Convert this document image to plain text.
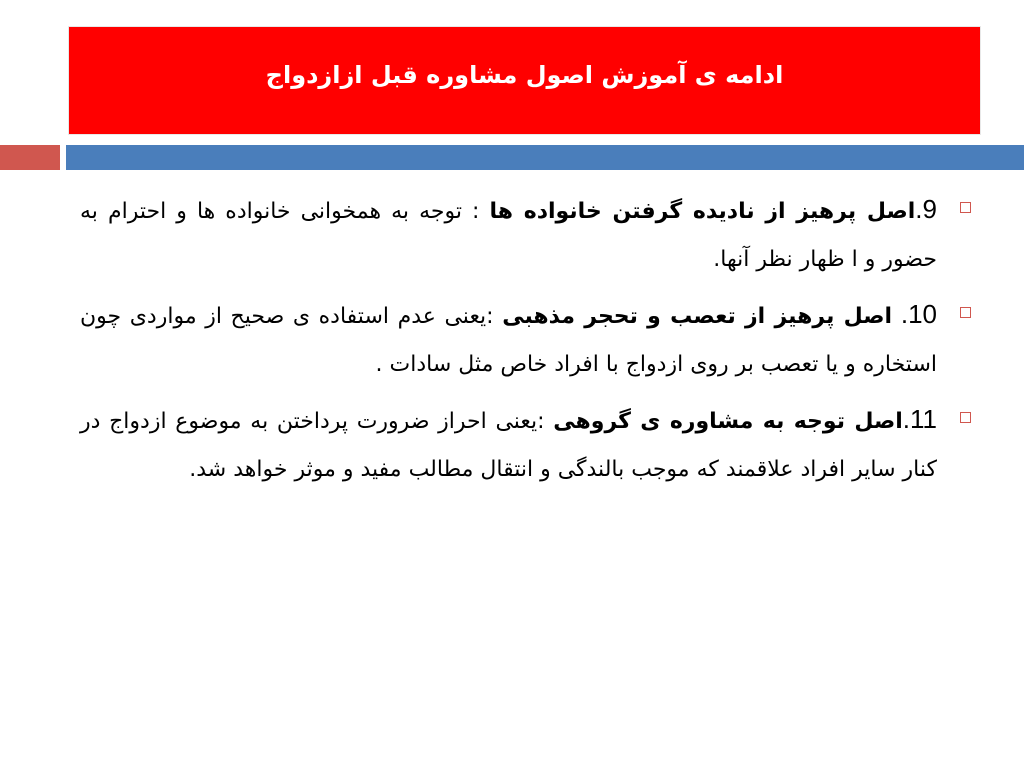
ادامه ی آموزش اصول مشاوره قبل ازازدواج
9.اصل پرهیز از نادیده گرفتن خانواده ها : توجه به همخوانی خانواده ها و احترام به حضور و ا ظهار نظر آنها.
10. اصل پرهیز از تعصب و تحجر مذهبی :یعنی عدم استفاده ی صحیح از مواردی چون استخاره و یا تعصب بر روی ازدواج با افراد خاص مثل سادات .
11.اصل توجه به مشاوره ی گروهی :یعنی احراز ضرورت پرداختن به موضوع ازدواج در کنار سایر افراد علاقمند که موجب بالندگی و انتقال مطالب مفید و موثر خواهد شد.
